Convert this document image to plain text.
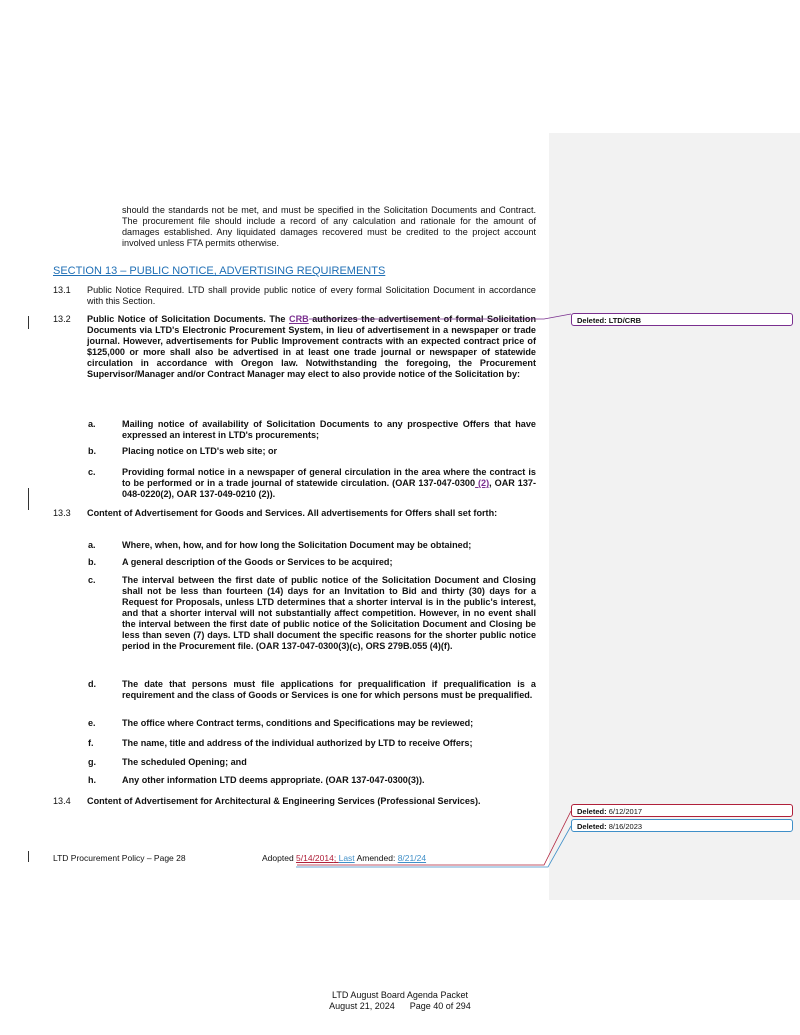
should the standards not be met, and must be specified in the Solicitation Documents and Contract. The procurement file should include a record of any calculation and rationale for the amount of damages established. Any liquidated damages recovered must be credited to the project account involved unless FTA permits otherwise.
SECTION 13 – PUBLIC NOTICE, ADVERTISING REQUIREMENTS
13.1 Public Notice Required. LTD shall provide public notice of every formal Solicitation Document in accordance with this Section.
13.2 Public Notice of Solicitation Documents. The CRB authorizes the advertisement of formal Solicitation Documents via LTD's Electronic Procurement System, in lieu of advertisement in a newspaper or trade journal. However, advertisements for Public Improvement contracts with an expected contract price of $125,000 or more shall also be advertised in at least one trade journal or newspaper of statewide circulation in accordance with Oregon law. Notwithstanding the foregoing, the Procurement Supervisor/Manager and/or Contract Manager may elect to also provide notice of the Solicitation by:
a.	Mailing notice of availability of Solicitation Documents to any prospective Offers that have expressed an interest in LTD's procurements;
b.	Placing notice on LTD's web site; or
c.	Providing formal notice in a newspaper of general circulation in the area where the contract is to be performed or in a trade journal of statewide circulation. (OAR 137-047-0300 (2), OAR 137-048-0220(2), OAR 137-049-0210 (2)).
13.3 Content of Advertisement for Goods and Services. All advertisements for Offers shall set forth:
a.	Where, when, how, and for how long the Solicitation Document may be obtained;
b.	A general description of the Goods or Services to be acquired;
c.	The interval between the first date of public notice of the Solicitation Document and Closing shall not be less than fourteen (14) days for an Invitation to Bid and thirty (30) days for a Request for Proposals, unless LTD determines that a shorter interval is in the public's interest, and that a shorter interval will not substantially affect competition. However, in no event shall the interval between the first date of public notice of the Solicitation Document and Closing be less than seven (7) days. LTD shall document the specific reasons for the shorter public notice period in the Procurement file. (OAR 137-047-0300(3)(c), ORS 279B.055 (4)(f).
d.	The date that persons must file applications for prequalification if prequalification is a requirement and the class of Goods or Services is one for which persons must be prequalified.
e.	The office where Contract terms, conditions and Specifications may be reviewed;
f.	The name, title and address of the individual authorized by LTD to receive Offers;
g.	The scheduled Opening; and
h.	Any other information LTD deems appropriate. (OAR 137-047-0300(3)).
13.4 Content of Advertisement for Architectural & Engineering Services (Professional Services).
Deleted: LTD/CRB
Deleted: 6/12/2017
Deleted: 8/16/2023
LTD Procurement Policy – Page 28	Adopted 5/14/2014; Last Amended: 8/21/24
LTD August Board Agenda Packet
August 21, 2024 Page 40 of 294
